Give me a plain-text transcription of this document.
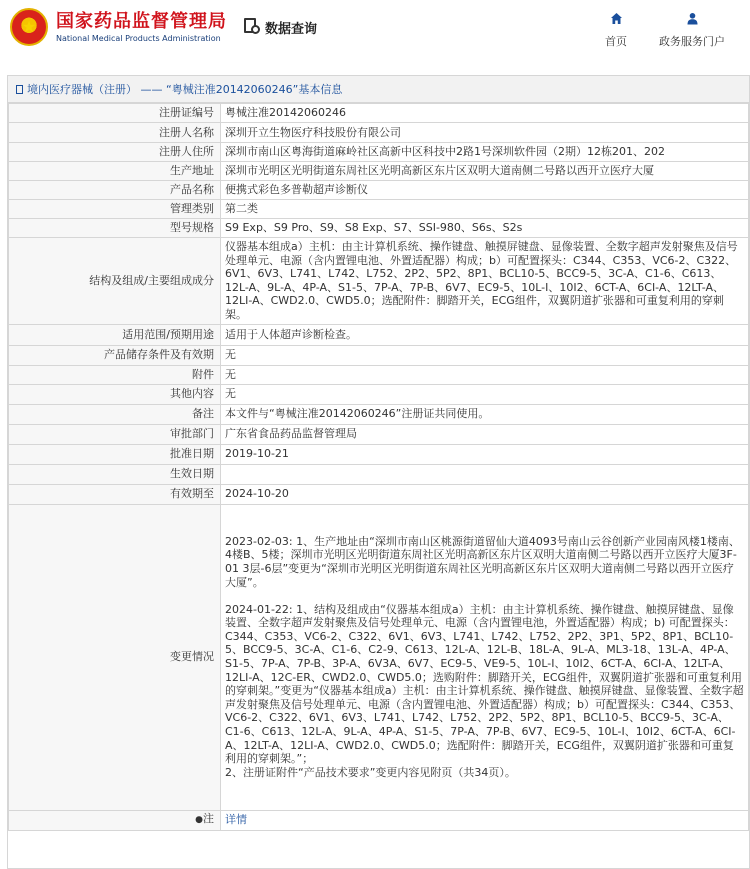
★ 国家药品监督管理局
National Medical Products Administration
数据查询
首页	政务服务门户
境内医疗器械（注册） —— “粤械注准20142060246”基本信息
注册证编号	粤械注准20142060246
注册人名称	深圳开立生物医疗科技股份有限公司
注册人住所	深圳市南山区粤海街道麻岭社区高新中区科技中2路1号深圳软件园（2期）12栋201、202
生产地址	深圳市光明区光明街道东周社区光明高新区东片区双明大道南侧二号路以西开立医疗大厦
产品名称	便携式彩色多普勒超声诊断仪
管理类别	第二类
型号规格	S9 Exp、S9 Pro、S9、S8 Exp、S7、SSI-980、S6s、S2s
结构及组成/主要组成成分	仪器基本组成a）主机：由主计算机系统、操作键盘、触摸屏键盘、显像装置、全数字超声发射聚焦及信号处理单元、电源（含内置锂电池、外置适配器）构成；b）可配置探头：C344、C353、VC6-2、C322、6V1、6V3、L741、L742、L752、2P2、5P2、8P1、BCL10-5、BCC9-5、3C-A、C1-6、C613、12L-A、9L-A、4P-A、S1-5、7P-A、7P-B、6V7、EC9-5、10L-I、10I2、6CT-A、6CI-A、12LT-A、12LI-A、CWD2.0、CWD5.0；选配附件：脚踏开关，ECG组件，双翼阴道扩张器和可重复利用的穿刺架。
适用范围/预期用途	适用于人体超声诊断检查。
产品储存条件及有效期	无
附件	无
其他内容	无
备注	本文件与“粤械注准20142060246”注册证共同使用。
审批部门	广东省食品药品监督管理局
批准日期	2019-10-21
生效日期	
有效期至	2024-10-20
变更情况	2023-02-03: 1、生产地址由“深圳市南山区桃源街道留仙大道4093号南山云谷创新产业园南风楼1楼南、4楼B、5楼；深圳市光明区光明街道东周社区光明高新区东片区双明大道南侧二号路以西开立医疗大厦3F-01 3层-6层”变更为“深圳市光明区光明街道东周社区光明高新区东片区双明大道南侧二号路以西开立医疗大厦”。

2024-01-22: 1、结构及组成由“仪器基本组成a）主机：由主计算机系统、操作键盘、触摸屏键盘、显像装置、全数字超声发射聚焦及信号处理单元、电源（含内置锂电池，外置适配器）构成；b) 可配置探头：C344、C353、VC6-2、C322、6V1、6V3、L741、L742、L752、2P2、3P1、5P2、8P1、BCL10-5、BCC9-5、3C-A、C1-6、C2-9、C613、12L-A、12L-B、18L-A、9L-A、ML3-18、13L-A、4P-A、S1-5、7P-A、7P-B、3P-A、6V3A、6V7、EC9-5、VE9-5、10L-I、10I2、6CT-A、6CI-A、12LT-A、12LI-A、12C-ER、CWD2.0、CWD5.0；选购附件：脚踏开关，ECG组件，双翼阴道扩张器和可重复利用的穿刺架。”变更为“仪器基本组成a）主机：由主计算机系统、操作键盘、触摸屏键盘、显像装置、全数字超声发射聚焦及信号处理单元、电源（含内置锂电池、外置适配器）构成；b）可配置探头：C344、C353、VC6-2、C322、6V1、6V3、L741、L742、L752、2P2、5P2、8P1、BCL10-5、BCC9-5、3C-A、C1-6、C613、12L-A、9L-A、4P-A、S1-5、7P-A、7P-B、6V7、EC9-5、10L-I、10I2、6CT-A、6CI-A、12LT-A、12LI-A、CWD2.0、CWD5.0；选配附件：脚踏开关，ECG组件，双翼阴道扩张器和可重复利用的穿刺架。”；
2、注册证附件“产品技术要求”变更内容见附页（共34页）。
●注	详情
